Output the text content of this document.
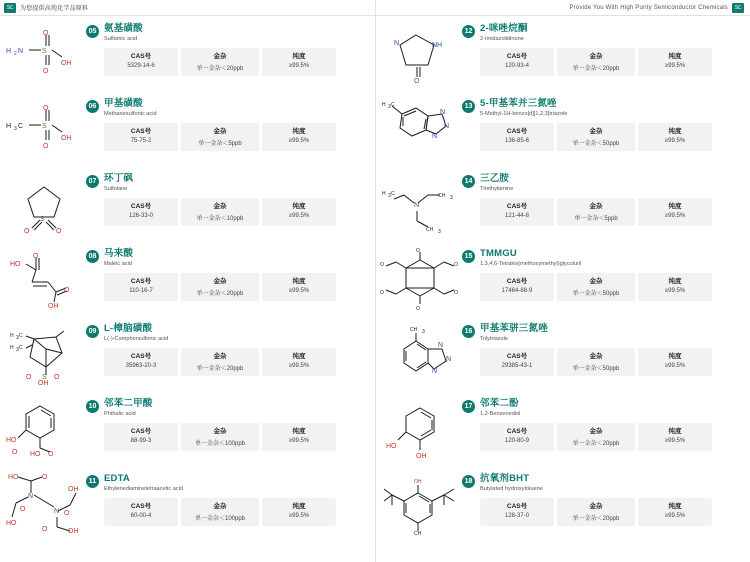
SC	为您提供高纯化学品原料
H 2 N	S
O
O
OH
05 氨基磺酸
Sulfamic acid
CAS号
5329-14-6
金杂
单一金杂＜20ppb
纯度
≥99.5%
H 3 C	S
O
O
OH
06 甲基磺酸
Methanesulfonic acid
CAS号
75-75-2
金杂
单一金杂＜5ppb
纯度
≥99.5%
S
O	O
07 环丁砜
Sulfolane
CAS号
126-33-0
金杂
单一金杂＜10ppb
纯度
≥99.5%
HO
O
O
OH
08 马来酸
Maleic acid
CAS号
110-16-7
金杂
单一金杂＜20ppb
纯度
≥99.5%
H 3 C
H 3 C
S
O	O
OH
09 L-樟脑磺酸
L(-)-Camphorsulfonic acid
CAS号
35963-20-3
金杂
单一金杂＜20ppb
纯度
≥99.5%
O
HO
HO
O
10 邻苯二甲酸
Phthalic acid
CAS号
88-99-3
金杂
单一金杂＜100ppb
纯度
≥99.5%
N
N
HO	O
HO
O
OH
O
OH
O
11 EDTA
Ethylenediaminetetraacetic acid
CAS号
60-00-4
金杂
单一金杂＜100ppb
纯度
≥99.5%
Provide You With High Purity Semiconductor Chemicals	SC
N	NH
O
12 2-咪唑烷酮
2-Imidazolidinone
CAS号
120-93-4
金杂
单一金杂＜20ppb
纯度
≥99.5%
N
N
N
H 3 C	13 5-甲基苯并三氮唑
5-Methyl-1H-benzo[d][1,2,3]triazole
CAS号
136-85-6
金杂
单一金杂＜50ppb
纯度
≥99.5%
N
CH 3
H 3 C
CH 3
14 三乙胺
Triethylamine
CAS号
121-44-8
金杂
单一金杂＜5ppb
纯度
≥99.5%
O
O
O	O
O	O
15 TMMGU
1,3,4,6-Tetrakis(methoxymethyl)glycoluril
CAS号
17464-88-9
金杂
单一金杂＜50ppb
纯度
≥99.5%
CH 3
N
N
N
16 甲基苯骈三氮唑
Tolytriazole
CAS号
29385-43-1
金杂
单一金杂＜50ppb
纯度
≥99.5%
HO
OH
17 邻苯二酚
1,2-Benzenediol
CAS号
120-80-9
金杂
单一金杂＜20ppb
纯度
≥99.5%
OH
CH
18 抗氧剂BHT
Butylated hydroxytoluene
CAS号
128-37-0
金杂
单一金杂＜20ppb
纯度
≥99.5%
